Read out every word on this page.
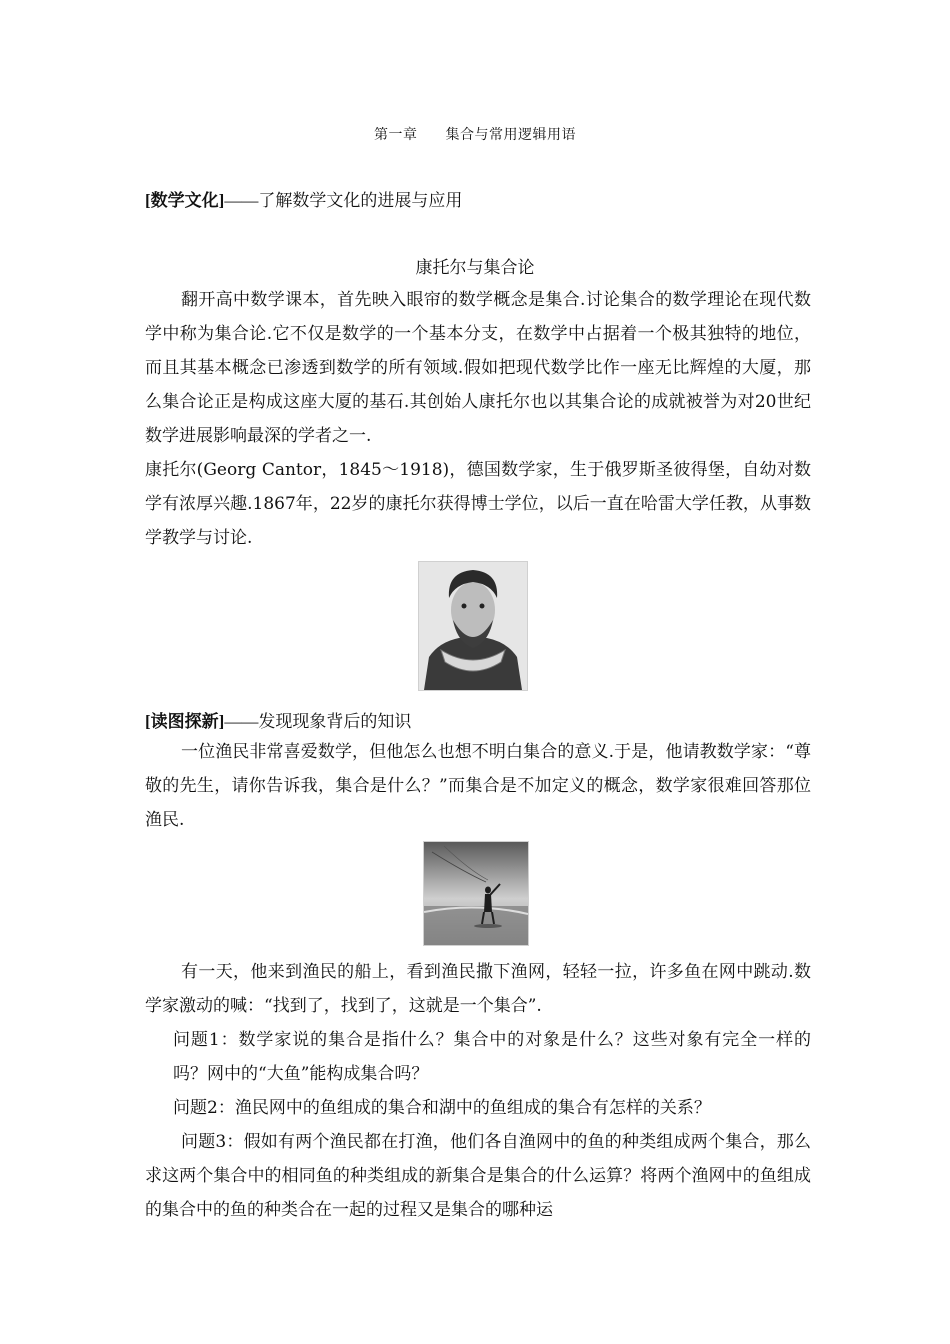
第一章 集合与常用逻辑用语
[数学文化]——了解数学文化的进展与应用
康托尔与集合论

翻开高中数学课本，首先映入眼帘的数学概念是集合.讨论集合的数学理论在现代数学中称为集合论.它不仅是数学的一个基本分支，在数学中占据着一个极其独特的地位，而且其基本概念已渗透到数学的所有领域.假如把现代数学比作一座无比辉煌的大厦，那么集合论正是构成这座大厦的基石.其创始人康托尔也以其集合论的成就被誉为对20世纪数学进展影响最深的学者之一.

康托尔(Georg Cantor，1845～1918)，德国数学家，生于俄罗斯圣彼得堡，自幼对数学有浓厚兴趣.1867年，22岁的康托尔获得博士学位，以后一直在哈雷大学任教，从事数学教学与讨论.

[读图探新]——发现现象背后的知识

一位渔民非常喜爱数学，但他怎么也想不明白集合的意义.于是，他请教数学家：“尊敬的先生，请你告诉我，集合是什么？”而集合是不加定义的概念，数学家很难回答那位渔民.

有一天，他来到渔民的船上，看到渔民撒下渔网，轻轻一拉，许多鱼在网中跳动.数学家激动的喊：“找到了，找到了，这就是一个集合”.

问题1：数学家说的集合是指什么？集合中的对象是什么？这些对象有完全一样的吗？网中的“大鱼”能构成集合吗？

问题2：渔民网中的鱼组成的集合和湖中的鱼组成的集合有怎样的关系？

问题3：假如有两个渔民都在打渔，他们各自渔网中的鱼的种类组成两个集合，那么求这两个集合中的相同鱼的种类组成的新集合是集合的什么运算？将两个渔网中的鱼组成的集合中的鱼的种类合在一起的过程又是集合的哪种运
